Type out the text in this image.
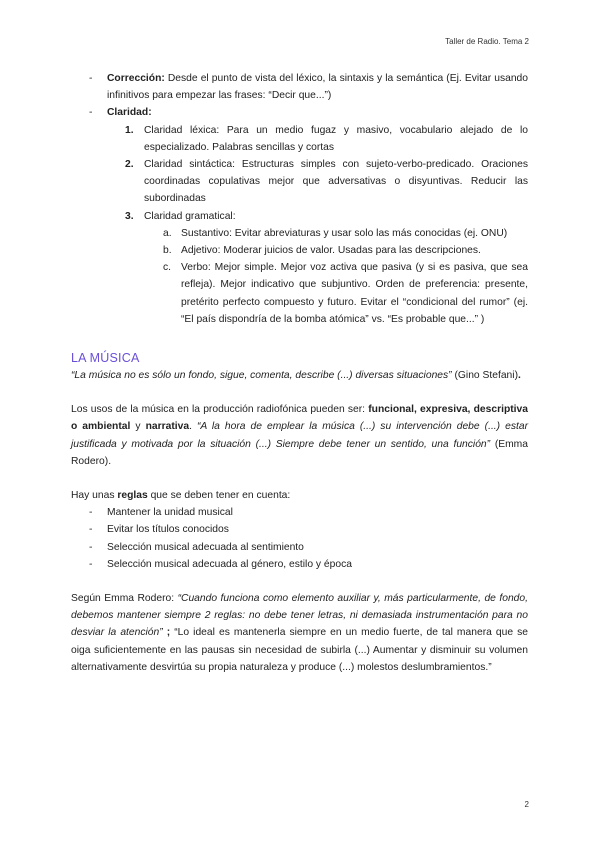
Taller de Radio. Tema 2
- Corrección: Desde el punto de vista del léxico, la sintaxis y la semántica (Ej. Evitar usando infinitivos para empezar las frases: “Decir que...”)
- Claridad:
1. Claridad léxica: Para un medio fugaz y masivo, vocabulario alejado de lo especializado. Palabras sencillas y cortas
2. Claridad sintáctica: Estructuras simples con sujeto-verbo-predicado. Oraciones coordinadas copulativas mejor que adversativas o disyuntivas. Reducir las subordinadas
3. Claridad gramatical:
a. Sustantivo: Evitar abreviaturas y usar solo las más conocidas (ej. ONU)
b. Adjetivo: Moderar juicios de valor. Usadas para las descripciones.
c. Verbo: Mejor simple. Mejor voz activa que pasiva (y si es pasiva, que sea refleja). Mejor indicativo que subjuntivo. Orden de preferencia: presente, pretérito perfecto compuesto y futuro. Evitar el “condicional del rumor” (ej. “El país dispondría de la bomba atómica” vs. “Es probable que...” )
LA MÚSICA
“La música no es sólo un fondo, sigue, comenta, describe (...) diversas situaciones” (Gino Stefani).
Los usos de la música en la producción radiofónica pueden ser: funcional, expresiva, descriptiva o ambiental y narrativa. “A la hora de emplear la música (...) su intervención debe (...) estar justificada y motivada por la situación (...) Siempre debe tener un sentido, una función” (Emma Rodero).
Hay unas reglas que se deben tener en cuenta:
- Mantener la unidad musical
- Evitar los títulos conocidos
- Selección musical adecuada al sentimiento
- Selección musical adecuada al género, estilo y época
Según Emma Rodero: “Cuando funciona como elemento auxiliar y, más particularmente, de fondo, debemos mantener siempre 2 reglas: no debe tener letras, ni demasiada instrumentación para no desviar la atención” ; “Lo ideal es mantenerla siempre en un medio fuerte, de tal manera que se oiga suficientemente en las pausas sin necesidad de subirla (...) Aumentar y disminuir su volumen alternativamente desvirtúa su propia naturaleza y produce (...) molestos deslumbramientos.”
2
